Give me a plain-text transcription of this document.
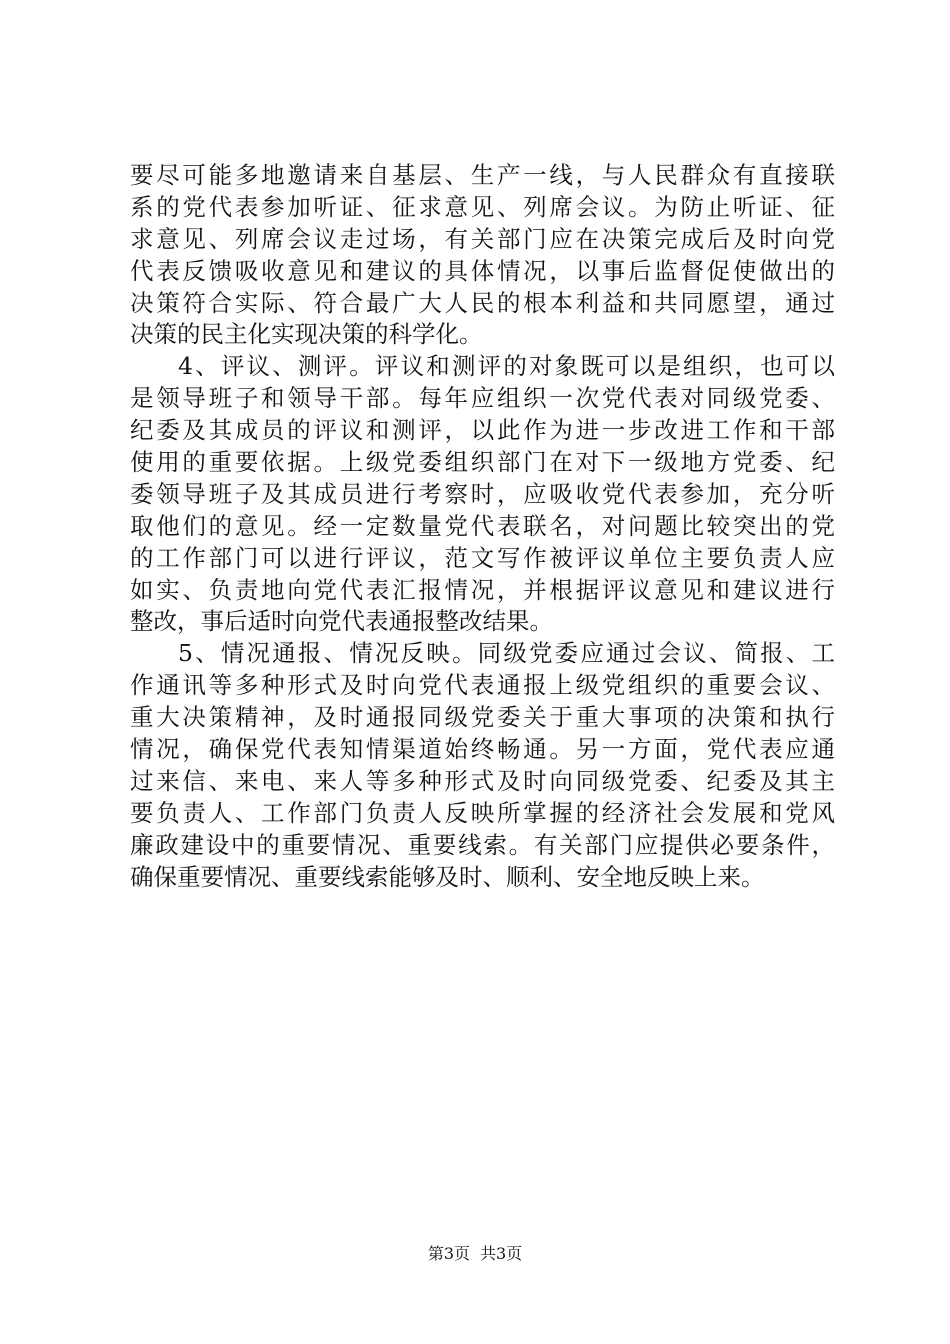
要尽可能多地邀请来自基层、生产一线，与人民群众有直接联
系的党代表参加听证、征求意见、列席会议。为防止听证、征
求意见、列席会议走过场，有关部门应在决策完成后及时向党
代表反馈吸收意见和建议的具体情况，以事后监督促使做出的
决策符合实际、符合最广大人民的根本利益和共同愿望，通过
决策的民主化实现决策的科学化。
4、评议、测评。评议和测评的对象既可以是组织，也可以
是领导班子和领导干部。每年应组织一次党代表对同级党委、
纪委及其成员的评议和测评，以此作为进一步改进工作和干部
使用的重要依据。上级党委组织部门在对下一级地方党委、纪
委领导班子及其成员进行考察时，应吸收党代表参加，充分听
取他们的意见。经一定数量党代表联名，对问题比较突出的党
的工作部门可以进行评议，范文写作被评议单位主要负责人应
如实、负责地向党代表汇报情况，并根据评议意见和建议进行
整改，事后适时向党代表通报整改结果。
5、情况通报、情况反映。同级党委应通过会议、简报、工
作通讯等多种形式及时向党代表通报上级党组织的重要会议、
重大决策精神，及时通报同级党委关于重大事项的决策和执行
情况，确保党代表知情渠道始终畅通。另一方面，党代表应通
过来信、来电、来人等多种形式及时向同级党委、纪委及其主
要负责人、工作部门负责人反映所掌握的经济社会发展和党风
廉政建设中的重要情况、重要线索。有关部门应提供必要条件，
确保重要情况、重要线索能够及时、顺利、安全地反映上来。
第3页 共3页
